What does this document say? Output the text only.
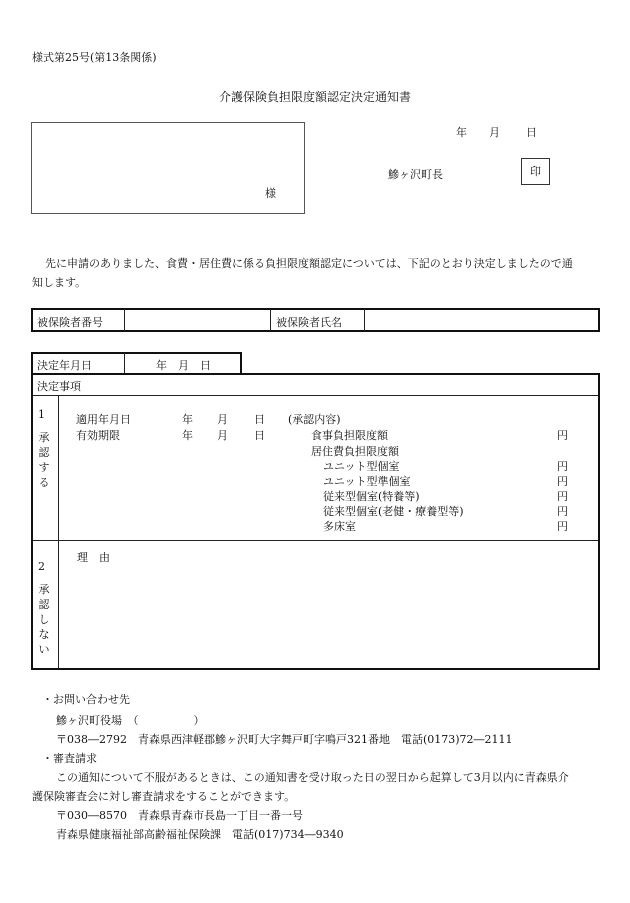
様式第25号(第13条関係)
介護保険負担限度額認定決定通知書
様
年 月 日
鰺ヶ沢町長	印
先に申請のありました、食費・居住費に係る負担限度額認定については、下記のとおり決定しましたので通
知します。
被保険者番号	被保険者氏名
決定年月日	年　月　日
決定事項
1
承認する
適用年月日	年 月 日 (承認内容)
有効期限	年 月 日	食事負担限度額	円
居住費負担限度額
ユニット型個室	円
ユニット型準個室	円
従来型個室(特養等)	円
従来型個室(老健・療養型等)	円
多床室	円
2
承認しない
理　由
・お問い合わせ先
鰺ヶ沢町役場　（　　　　　）
〒038―2792　青森県西津軽郡鰺ヶ沢町大字舞戸町字鳴戸321番地　電話(0173)72―2111
・審査請求
この通知について不服があるときは、この通知書を受け取った日の翌日から起算して3月以内に青森県介
護保険審査会に対し審査請求をすることができます。
〒030―8570　青森県青森市長島一丁目一番一号
青森県健康福祉部高齢福祉保険課　電話(017)734―9340
